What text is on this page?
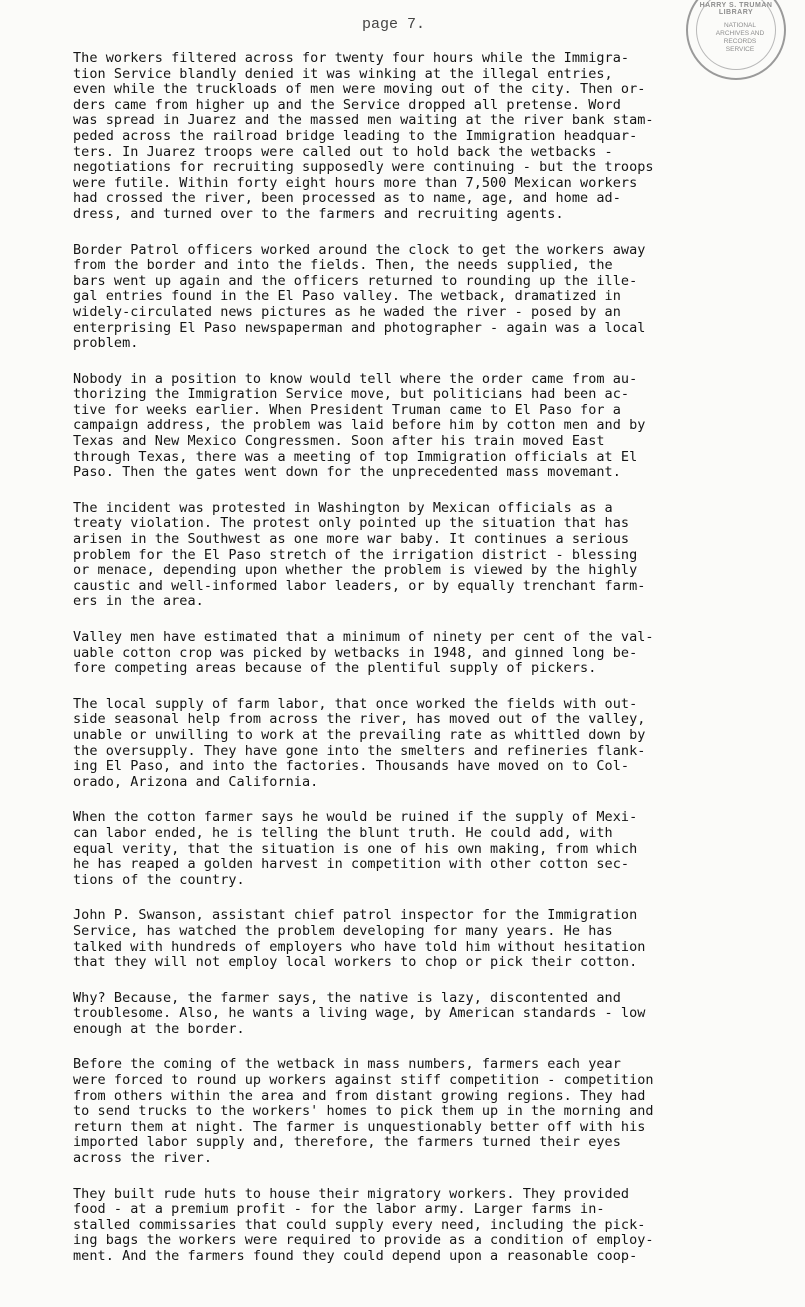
page 7.
HARRY S. TRUMAN LIBRARY
NATIONAL
ARCHIVES AND
RECORDS
SERVICE
The workers filtered across for twenty four hours while the Immigra-
tion Service blandly denied it was winking at the illegal entries,
even while the truckloads of men were moving out of the city. Then or-
ders came from higher up and the Service dropped all pretense. Word
was spread in Juarez and the massed men waiting at the river bank stam-
peded across the railroad bridge leading to the Immigration headquar-
ters. In Juarez troops were called out to hold back the wetbacks -
negotiations for recruiting supposedly were continuing - but the troops
were futile. Within forty eight hours more than 7,500 Mexican workers
had crossed the river, been processed as to name, age, and home ad-
dress, and turned over to the farmers and recruiting agents.
Border Patrol officers worked around the clock to get the workers away
from the border and into the fields. Then, the needs supplied, the
bars went up again and the officers returned to rounding up the ille-
gal entries found in the El Paso valley. The wetback, dramatized in
widely-circulated news pictures as he waded the river - posed by an
enterprising El Paso newspaperman and photographer - again was a local
problem.
Nobody in a position to know would tell where the order came from au-
thorizing the Immigration Service move, but politicians had been ac-
tive for weeks earlier. When President Truman came to El Paso for a
campaign address, the problem was laid before him by cotton men and by
Texas and New Mexico Congressmen. Soon after his train moved East
through Texas, there was a meeting of top Immigration officials at El
Paso. Then the gates went down for the unprecedented mass movemant.
The incident was protested in Washington by Mexican officials as a
treaty violation. The protest only pointed up the situation that has
arisen in the Southwest as one more war baby. It continues a serious
problem for the El Paso stretch of the irrigation district - blessing
or menace, depending upon whether the problem is viewed by the highly
caustic and well-informed labor leaders, or by equally trenchant farm-
ers in the area.
Valley men have estimated that a minimum of ninety per cent of the val-
uable cotton crop was picked by wetbacks in 1948, and ginned long be-
fore competing areas because of the plentiful supply of pickers.
The local supply of farm labor, that once worked the fields with out-
side seasonal help from across the river, has moved out of the valley,
unable or unwilling to work at the prevailing rate as whittled down by
the oversupply. They have gone into the smelters and refineries flank-
ing El Paso, and into the factories. Thousands have moved on to Col-
orado, Arizona and California.
When the cotton farmer says he would be ruined if the supply of Mexi-
can labor ended, he is telling the blunt truth. He could add, with
equal verity, that the situation is one of his own making, from which
he has reaped a golden harvest in competition with other cotton sec-
tions of the country.
John P. Swanson, assistant chief patrol inspector for the Immigration
Service, has watched the problem developing for many years. He has
talked with hundreds of employers who have told him without hesitation
that they will not employ local workers to chop or pick their cotton.
Why? Because, the farmer says, the native is lazy, discontented and
troublesome. Also, he wants a living wage, by American standards - low
enough at the border.
Before the coming of the wetback in mass numbers, farmers each year
were forced to round up workers against stiff competition - competition
from others within the area and from distant growing regions. They had
to send trucks to the workers' homes to pick them up in the morning and
return them at night. The farmer is unquestionably better off with his
imported labor supply and, therefore, the farmers turned their eyes
across the river.
They built rude huts to house their migratory workers. They provided
food - at a premium profit - for the labor army. Larger farms in-
stalled commissaries that could supply every need, including the pick-
ing bags the workers were required to provide as a condition of employ-
ment. And the farmers found they could depend upon a reasonable coop-
